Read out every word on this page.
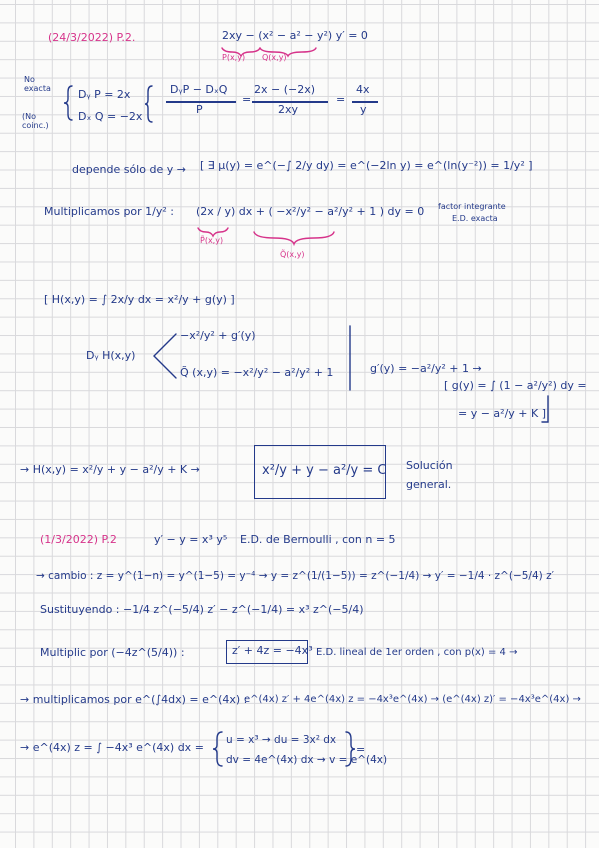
(24/3/2022) P.2.	2xy − (x² − a² − y²) y′ = 0
P(x,y) Q(x,y)
No exacta
(No coinc.)
Dᵧ P = 2x
Dₓ Q = −2x
DᵧP − DₓQ
P
=
2x − (−2x)
2xy
=
4x
y
depende sólo de y → [ ∃ μ(y) = e^(−∫ 2/y dy) = e^(−2ln y) = e^(ln(y⁻²)) = 1/y² ]
Multiplicamos por 1/y² : (2x / y) dx + ( −x²/y² − a²/y² + 1 ) dy = 0
P̃(x,y)
Q̃(x,y)
factor integrante
E.D. exacta
[ H(x,y) = ∫ 2x/y dx = x²/y + g(y) ]
Dᵧ H(x,y)
−x²/y² + g′(y)
Q̃ (x,y) = −x²/y² − a²/y² + 1	g′(y) = −a²/y² + 1 →
[ g(y) = ∫ (1 − a²/y²) dy =
= y − a²/y + K ]
→ H(x,y) = x²/y + y − a²/y + K →	x²/y + y − a²/y = C Solución
general.
(1/3/2022) P.2	y′ − y = x³ y⁵ E.D. de Bernoulli , con n = 5
→ cambio : z = y^(1−n) = y^(1−5) = y⁻⁴ → y = z^(1/(1−5)) = z^(−1/4) → y′ = −1/4 · z^(−5/4) z′
Sustituyendo : −1/4 z^(−5/4) z′ − z^(−1/4) = x³ z^(−5/4)
Multiplic por (−4z^(5/4)) :	z′ + 4z = −4x³ E.D. lineal de 1er orden , con p(x) = 4 →
→ multiplicamos por e^(∫4dx) = e^(4x) :
e^(4x) z′ + 4e^(4x) z = −4x³e^(4x) → (e^(4x) z)′ = −4x³e^(4x) →
→ e^(4x) z = ∫ −4x³ e^(4x) dx =
u = x³ → du = 3x² dx
dv = 4e^(4x) dx → v = e^(4x)
=
